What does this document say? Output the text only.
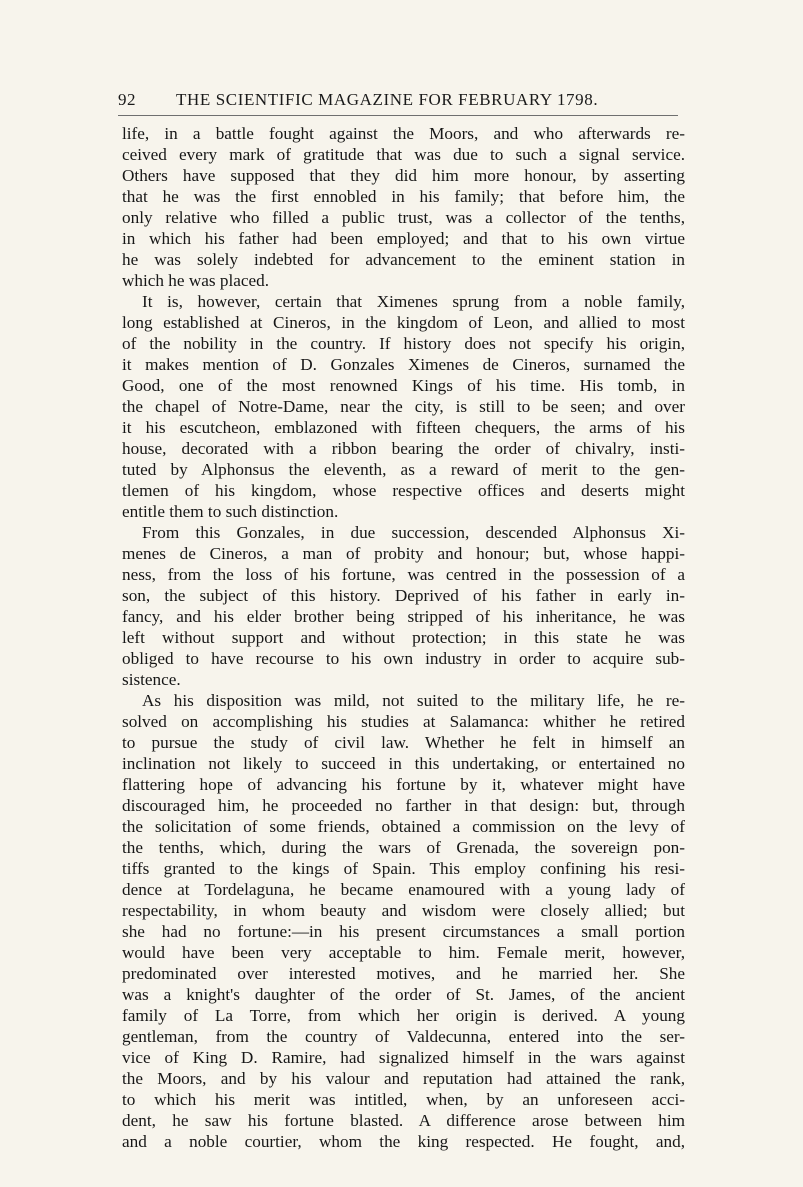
92 THE SCIENTIFIC MAGAZINE FOR FEBRUARY 1798.
life, in a battle fought against the Moors, and who afterwards re-
ceived every mark of gratitude that was due to such a signal service.
Others have supposed that they did him more honour, by asserting
that he was the first ennobled in his family; that before him, the
only relative who filled a public trust, was a collector of the tenths,
in which his father had been employed; and that to his own virtue
he was solely indebted for advancement to the eminent station in
which he was placed.
It is, however, certain that Ximenes sprung from a noble family,
long established at Cineros, in the kingdom of Leon, and allied to most
of the nobility in the country. If history does not specify his origin,
it makes mention of D. Gonzales Ximenes de Cineros, surnamed the
Good, one of the most renowned Kings of his time. His tomb, in
the chapel of Notre-Dame, near the city, is still to be seen; and over
it his escutcheon, emblazoned with fifteen chequers, the arms of his
house, decorated with a ribbon bearing the order of chivalry, insti-
tuted by Alphonsus the eleventh, as a reward of merit to the gen-
tlemen of his kingdom, whose respective offices and deserts might
entitle them to such distinction.
From this Gonzales, in due succession, descended Alphonsus Xi-
menes de Cineros, a man of probity and honour; but, whose happi-
ness, from the loss of his fortune, was centred in the possession of a
son, the subject of this history. Deprived of his father in early in-
fancy, and his elder brother being stripped of his inheritance, he was
left without support and without protection; in this state he was
obliged to have recourse to his own industry in order to acquire sub-
sistence.
As his disposition was mild, not suited to the military life, he re-
solved on accomplishing his studies at Salamanca: whither he retired
to pursue the study of civil law. Whether he felt in himself an
inclination not likely to succeed in this undertaking, or entertained no
flattering hope of advancing his fortune by it, whatever might have
discouraged him, he proceeded no farther in that design: but, through
the solicitation of some friends, obtained a commission on the levy of
the tenths, which, during the wars of Grenada, the sovereign pon-
tiffs granted to the kings of Spain. This employ confining his resi-
dence at Tordelaguna, he became enamoured with a young lady of
respectability, in whom beauty and wisdom were closely allied; but
she had no fortune:—in his present circumstances a small portion
would have been very acceptable to him. Female merit, however,
predominated over interested motives, and he married her. She
was a knight's daughter of the order of St. James, of the ancient
family of La Torre, from which her origin is derived. A young
gentleman, from the country of Valdecunna, entered into the ser-
vice of King D. Ramire, had signalized himself in the wars against
the Moors, and by his valour and reputation had attained the rank,
to which his merit was intitled, when, by an unforeseen acci-
dent, he saw his fortune blasted. A difference arose between him
and a noble courtier, whom the king respected. He fought, and,
